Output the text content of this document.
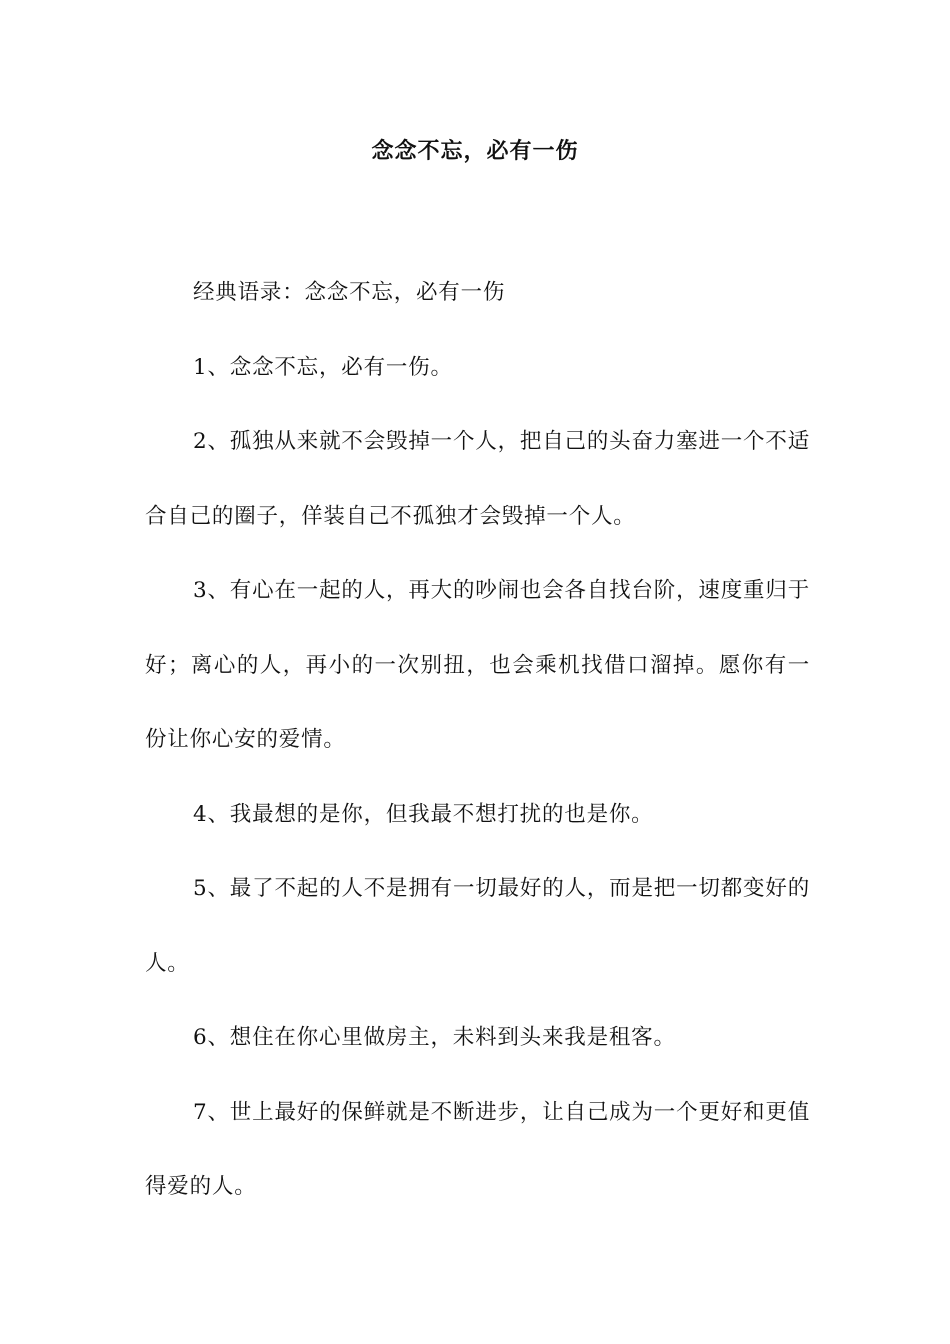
念念不忘，必有一伤

经典语录：念念不忘，必有一伤

1、念念不忘，必有一伤。

2、孤独从来就不会毁掉一个人，把自己的头奋力塞进一个不适合自己的圈子，佯装自己不孤独才会毁掉一个人。

3、有心在一起的人，再大的吵闹也会各自找台阶，速度重归于好；离心的人，再小的一次别扭，也会乘机找借口溜掉。愿你有一份让你心安的爱情。

4、我最想的是你，但我最不想打扰的也是你。

5、最了不起的人不是拥有一切最好的人，而是把一切都变好的人。

6、想住在你心里做房主，未料到头来我是租客。

7、世上最好的保鲜就是不断进步，让自己成为一个更好和更值得爱的人。
